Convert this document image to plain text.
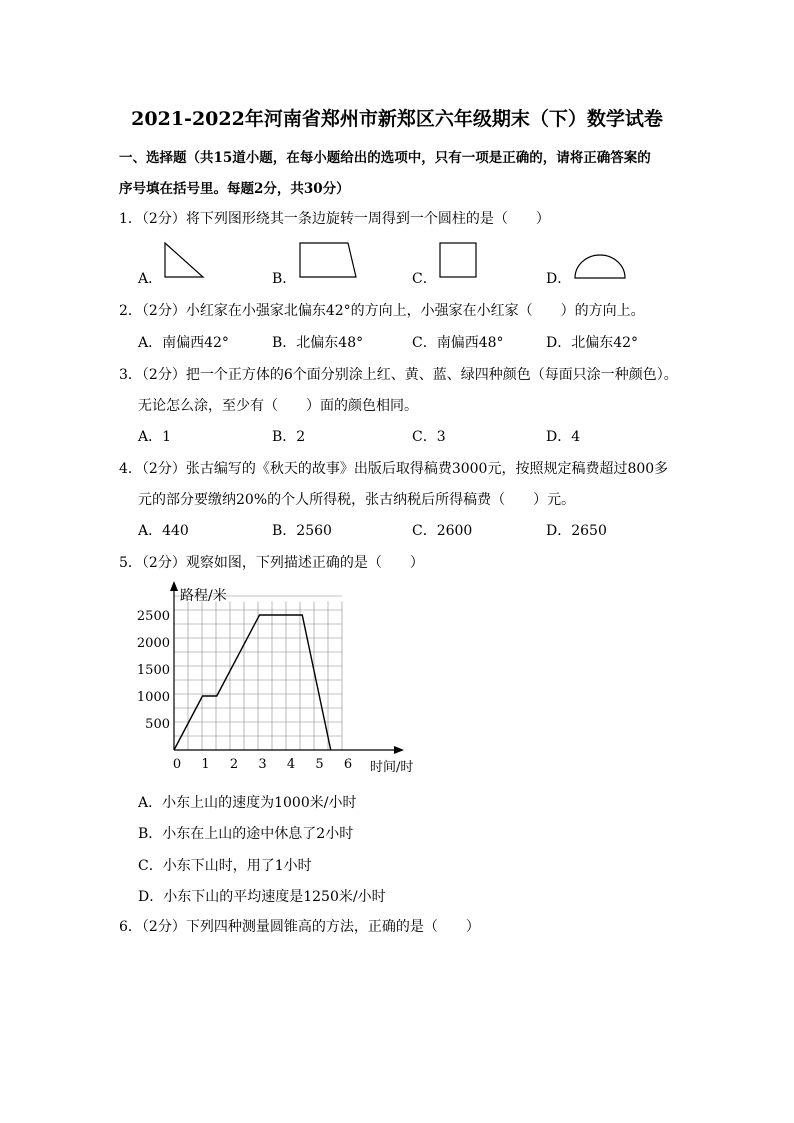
2021-2022年河南省郑州市新郑区六年级期末（下）数学试卷
一、选择题（共15道小题，在每小题给出的选项中，只有一项是正确的，请将正确答案的
序号填在括号里。每题2分，共30分）
1．（2分）将下列图形绕其一条边旋转一周得到一个圆柱的是（　　）
A．	B．	C．	D．
2．（2分）小红家在小强家北偏东42°的方向上，小强家在小红家（　　）的方向上。
A．南偏西42°	B．北偏东48°	C．南偏西48°	D．北偏东42°
3．（2分）把一个正方体的6个面分别涂上红、黄、蓝、绿四种颜色（每面只涂一种颜色）。
无论怎么涂，至少有（　　）面的颜色相同。
A．1	B．2	C．3	D．4
4．（2分）张古编写的《秋天的故事》出版后取得稿费3000元，按照规定稿费超过800多
元的部分要缴纳20%的个人所得税，张古纳税后所得稿费（　　）元。
A．440	B．2560	C．2600	D．2650
5．（2分）观察如图，下列描述正确的是（　　）
500
1000
1500
2000
2500
0 1 2 3 4 5 6
路程/米
时间/时
A．小东上山的速度为1000米/小时
B．小东在上山的途中休息了2小时
C．小东下山时，用了1小时
D．小东下山的平均速度是1250米/小时
6．（2分）下列四种测量圆锥高的方法，正确的是（　　）
